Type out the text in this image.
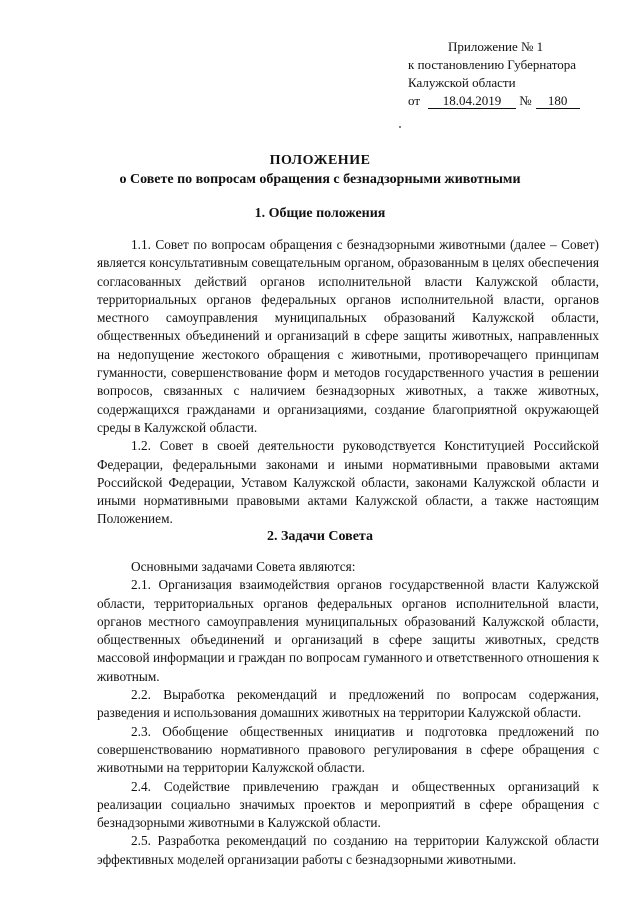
Приложение № 1
к постановлению Губернатора
Калужской области
от 18.04.2019 № 180
ПОЛОЖЕНИЕ
о Совете по вопросам обращения с безнадзорными животными
1. Общие положения

1.1. Совет по вопросам обращения с безнадзорными животными (далее – Совет) является консультативным совещательным органом, образованным в целях обеспечения согласованных действий органов исполнительной власти Калужской области, территориальных органов федеральных органов исполнительной власти, органов местного самоуправления муниципальных образований Калужской области, общественных объединений и организаций в сфере защиты животных, направленных на недопущение жестокого обращения с животными, противоречащего принципам гуманности, совершенствование форм и методов государственного участия в решении вопросов, связанных с наличием безнадзорных животных, а также животных, содержащихся гражданами и организациями, создание благоприятной окружающей среды в Калужской области.

1.2. Совет в своей деятельности руководствуется Конституцией Российской Федерации, федеральными законами и иными нормативными правовыми актами Российской Федерации, Уставом Калужской области, законами Калужской области и иными нормативными правовыми актами Калужской области, а также настоящим Положением.

2. Задачи Совета

Основными задачами Совета являются:

2.1. Организация взаимодействия органов государственной власти Калужской области, территориальных органов федеральных органов исполнительной власти, органов местного самоуправления муниципальных образований Калужской области, общественных объединений и организаций в сфере защиты животных, средств массовой информации и граждан по вопросам гуманного и ответственного отношения к животным.

2.2. Выработка рекомендаций и предложений по вопросам содержания, разведения и использования домашних животных на территории Калужской области.

2.3. Обобщение общественных инициатив и подготовка предложений по совершенствованию нормативного правового регулирования в сфере обращения с животными на территории Калужской области.

2.4. Содействие привлечению граждан и общественных организаций к реализации социально значимых проектов и мероприятий в сфере обращения с безнадзорными животными в Калужской области.

2.5. Разработка рекомендаций по созданию на территории Калужской области эффективных моделей организации работы с безнадзорными животными.
